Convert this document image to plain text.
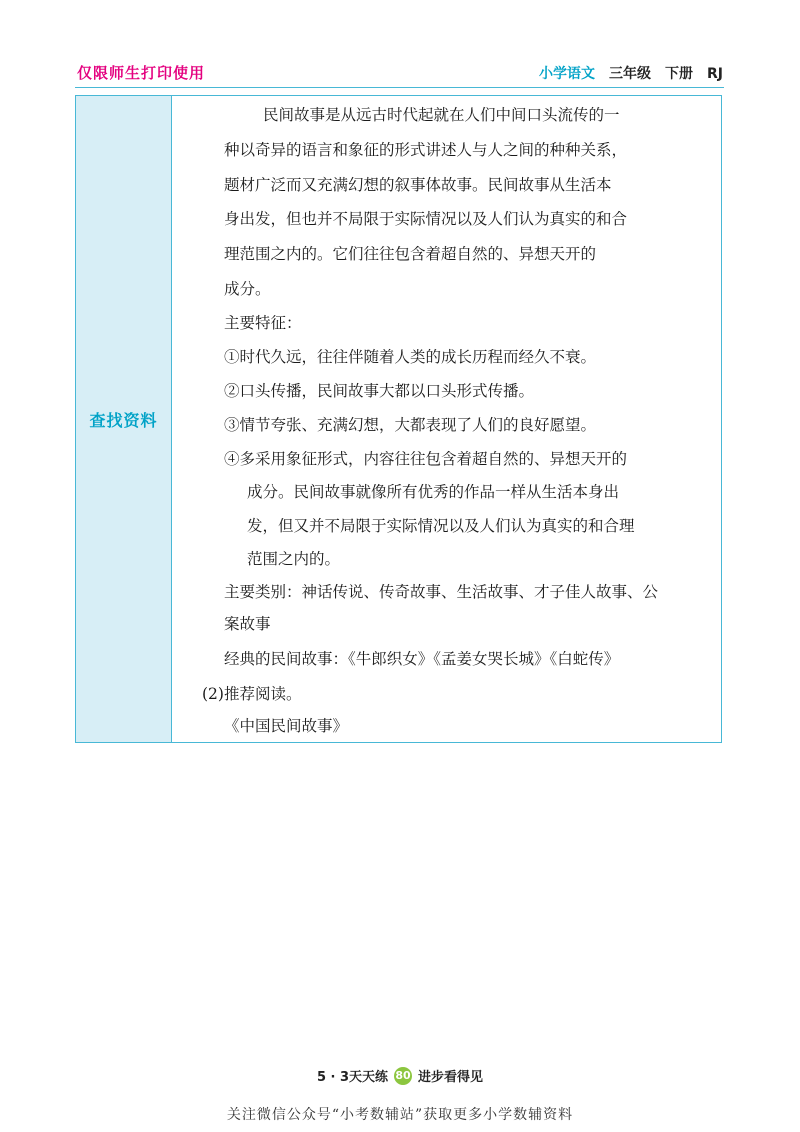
仅限师生打印使用	小学语文 三年级 下册 RJ
查找资料

民间故事是从远古时代起就在人们中间口头流传的一

种以奇异的语言和象征的形式讲述人与人之间的种种关系，

题材广泛而又充满幻想的叙事体故事。民间故事从生活本

身出发，但也并不局限于实际情况以及人们认为真实的和合

理范围之内的。它们往往包含着超自然的、异想天开的

成分。

主要特征：

①时代久远，往往伴随着人类的成长历程而经久不衰。

②口头传播，民间故事大都以口头形式传播。

③情节夸张、充满幻想，大都表现了人们的良好愿望。

④多采用象征形式，内容往往包含着超自然的、异想天开的

成分。民间故事就像所有优秀的作品一样从生活本身出

发，但又并不局限于实际情况以及人们认为真实的和合理

范围之内的。

主要类别：神话传说、传奇故事、生活故事、才子佳人故事、公

案故事

经典的民间故事：《牛郎织女》《孟姜女哭长城》《白蛇传》

(2)推荐阅读。

《中国民间故事》

5 · 3天天练 80 进步看得见
关注微信公众号“小考数辅站”获取更多小学数辅资料
